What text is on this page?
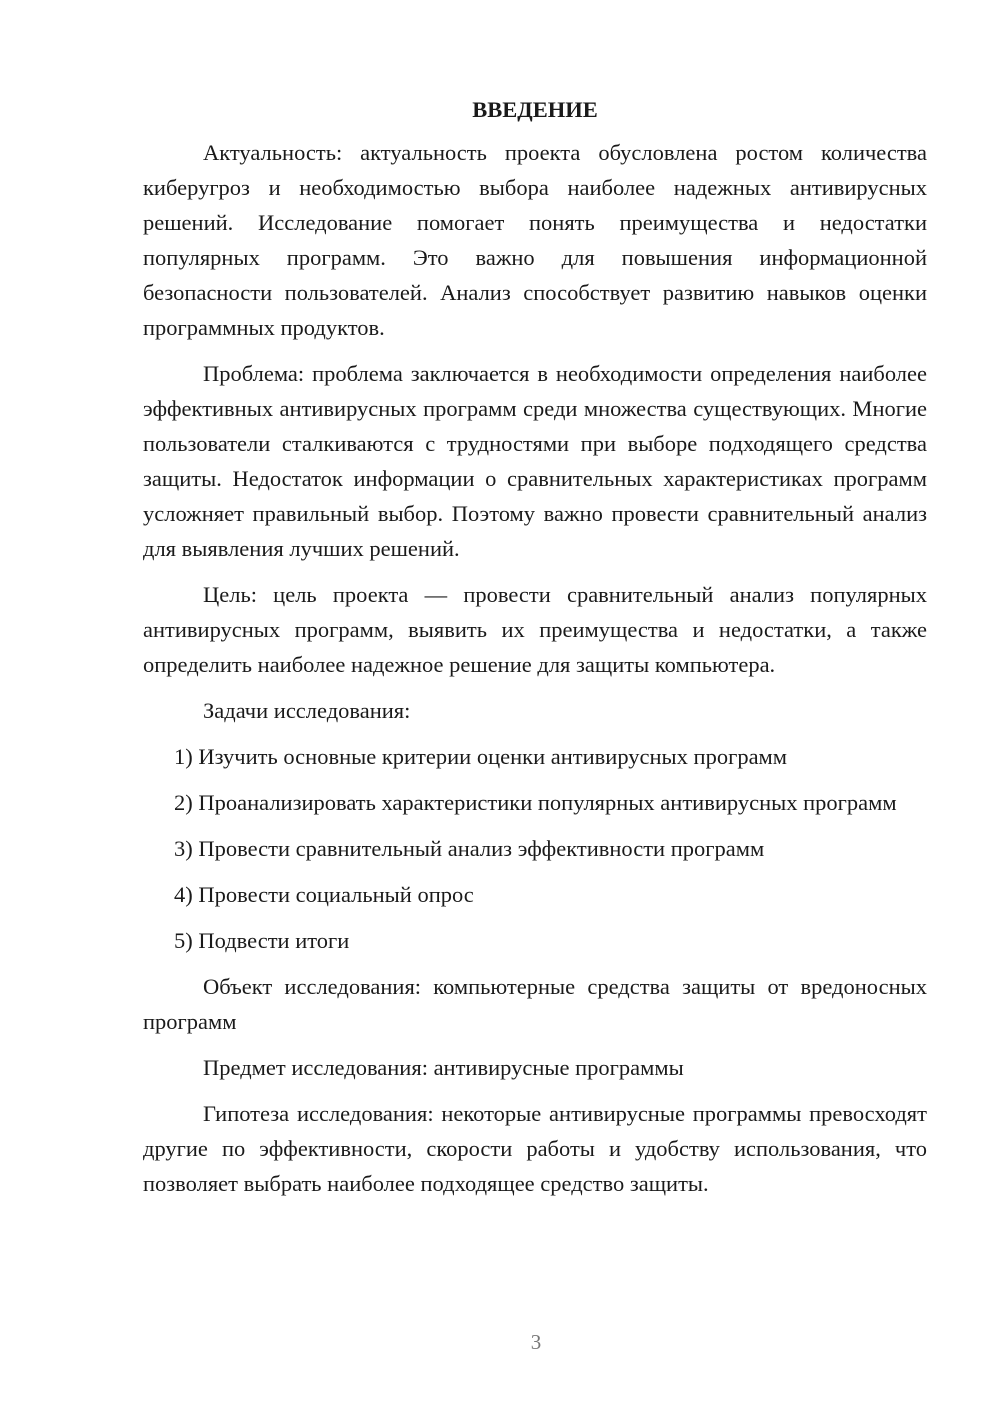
ВВЕДЕНИЕ

Актуальность: актуальность проекта обусловлена ростом количества киберугроз и необходимостью выбора наиболее надежных антивирусных решений. Исследование помогает понять преимущества и недостатки популярных программ. Это важно для повышения информационной безопасности пользователей. Анализ способствует развитию навыков оценки программных продуктов.

Проблема: проблема заключается в необходимости определения наиболее эффективных антивирусных программ среди множества существующих. Многие пользователи сталкиваются с трудностями при выборе подходящего средства защиты. Недостаток информации о сравнительных характеристиках программ усложняет правильный выбор. Поэтому важно провести сравнительный анализ для выявления лучших решений.

Цель: цель проекта — провести сравнительный анализ популярных антивирусных программ, выявить их преимущества и недостатки, а также определить наиболее надежное решение для защиты компьютера.

Задачи исследования:

1) Изучить основные критерии оценки антивирусных программ

2) Проанализировать характеристики популярных антивирусных программ

3) Провести сравнительный анализ эффективности программ

4) Провести социальный опрос

5) Подвести итоги

Объект исследования: компьютерные средства защиты от вредоносных программ

Предмет исследования: антивирусные программы

Гипотеза исследования: некоторые антивирусные программы превосходят другие по эффективности, скорости работы и удобству использования, что позволяет выбрать наиболее подходящее средство защиты.

3
